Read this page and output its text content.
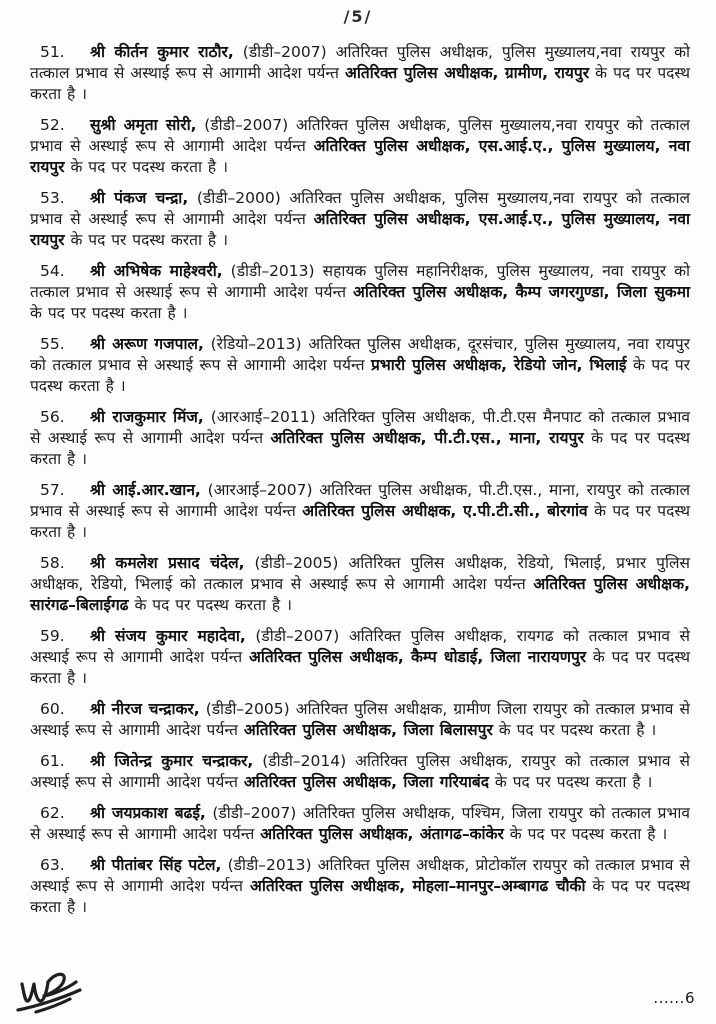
/5/

51. श्री कीर्तन कुमार राठौर, (डीडी–2007) अतिरिक्त पुलिस अधीक्षक, पुलिस मुख्यालय,नवा रायपुर को तत्काल प्रभाव से अस्थाई रूप से आगामी आदेश पर्यन्त अतिरिक्त पुलिस अधीक्षक, ग्रामीण, रायपुर के पद पर पदस्थ करता है ।

52. सुश्री अमृता सोरी, (डीडी–2007) अतिरिक्त पुलिस अधीक्षक, पुलिस मुख्यालय,नवा रायपुर को तत्काल प्रभाव से अस्थाई रूप से आगामी आदेश पर्यन्त अतिरिक्त पुलिस अधीक्षक, एस.आई.ए., पुलिस मुख्यालय, नवा रायपुर के पद पर पदस्थ करता है ।

53. श्री पंकज चन्द्रा, (डीडी–2000) अतिरिक्त पुलिस अधीक्षक, पुलिस मुख्यालय,नवा रायपुर को तत्काल प्रभाव से अस्थाई रूप से आगामी आदेश पर्यन्त अतिरिक्त पुलिस अधीक्षक, एस.आई.ए., पुलिस मुख्यालय, नवा रायपुर के पद पर पदस्थ करता है ।

54. श्री अभिषेक माहेश्वरी, (डीडी–2013) सहायक पुलिस महानिरीक्षक, पुलिस मुख्यालय, नवा रायपुर को तत्काल प्रभाव से अस्थाई रूप से आगामी आदेश पर्यन्त अतिरिक्त पुलिस अधीक्षक, कैम्प जगरगुण्डा, जिला सुकमा के पद पर पदस्थ करता है ।

55. श्री अरूण गजपाल, (रेडियो–2013) अतिरिक्त पुलिस अधीक्षक, दूरसंचार, पुलिस मुख्यालय, नवा रायपुर को तत्काल प्रभाव से अस्थाई रूप से आगामी आदेश पर्यन्त प्रभारी पुलिस अधीक्षक, रेडियो जोन, भिलाई के पद पर पदस्थ करता है ।

56. श्री राजकुमार मिंज, (आरआई–2011) अतिरिक्त पुलिस अधीक्षक, पी.टी.एस मैनपाट को तत्काल प्रभाव से अस्थाई रूप से आगामी आदेश पर्यन्त अतिरिक्त पुलिस अधीक्षक, पी.टी.एस., माना, रायपुर के पद पर पदस्थ करता है ।

57. श्री आई.आर.खान, (आरआई–2007) अतिरिक्त पुलिस अधीक्षक, पी.टी.एस., माना, रायपुर को तत्काल प्रभाव से अस्थाई रूप से आगामी आदेश पर्यन्त अतिरिक्त पुलिस अधीक्षक, ए.पी.टी.सी., बोरगांव के पद पर पदस्थ करता है ।

58. श्री कमलेश प्रसाद चंदेल, (डीडी–2005) अतिरिक्त पुलिस अधीक्षक, रेडियो, भिलाई, प्रभार पुलिस अधीक्षक, रेडियो, भिलाई को तत्काल प्रभाव से अस्थाई रूप से आगामी आदेश पर्यन्त अतिरिक्त पुलिस अधीक्षक, सारंगढ–बिलाईगढ के पद पर पदस्थ करता है ।

59. श्री संजय कुमार महादेवा, (डीडी–2007) अतिरिक्त पुलिस अधीक्षक, रायगढ को तत्काल प्रभाव से अस्थाई रूप से आगामी आदेश पर्यन्त अतिरिक्त पुलिस अधीक्षक, कैम्प धोडाई, जिला नारायणपुर के पद पर पदस्थ करता है ।

60. श्री नीरज चन्द्राकर, (डीडी–2005) अतिरिक्त पुलिस अधीक्षक, ग्रामीण जिला रायपुर को तत्काल प्रभाव से अस्थाई रूप से आगामी आदेश पर्यन्त अतिरिक्त पुलिस अधीक्षक, जिला बिलासपुर के पद पर पदस्थ करता है ।

61. श्री जितेन्द्र कुमार चन्द्राकर, (डीडी–2014) अतिरिक्त पुलिस अधीक्षक, रायपुर को तत्काल प्रभाव से अस्थाई रूप से आगामी आदेश पर्यन्त अतिरिक्त पुलिस अधीक्षक, जिला गरियाबंद के पद पर पदस्थ करता है ।

62. श्री जयप्रकाश बढई, (डीडी–2007) अतिरिक्त पुलिस अधीक्षक, पश्चिम, जिला रायपुर को तत्काल प्रभाव से अस्थाई रूप से आगामी आदेश पर्यन्त अतिरिक्त पुलिस अधीक्षक, अंतागढ–कांकेर के पद पर पदस्थ करता है ।

63. श्री पीतांबर सिंह पटेल, (डीडी–2013) अतिरिक्त पुलिस अधीक्षक, प्रोटोकॉल रायपुर को तत्काल प्रभाव से अस्थाई रूप से आगामी आदेश पर्यन्त अतिरिक्त पुलिस अधीक्षक, मोहला–मानपुर–अम्बागढ चौकी के पद पर पदस्थ करता है ।

......6
